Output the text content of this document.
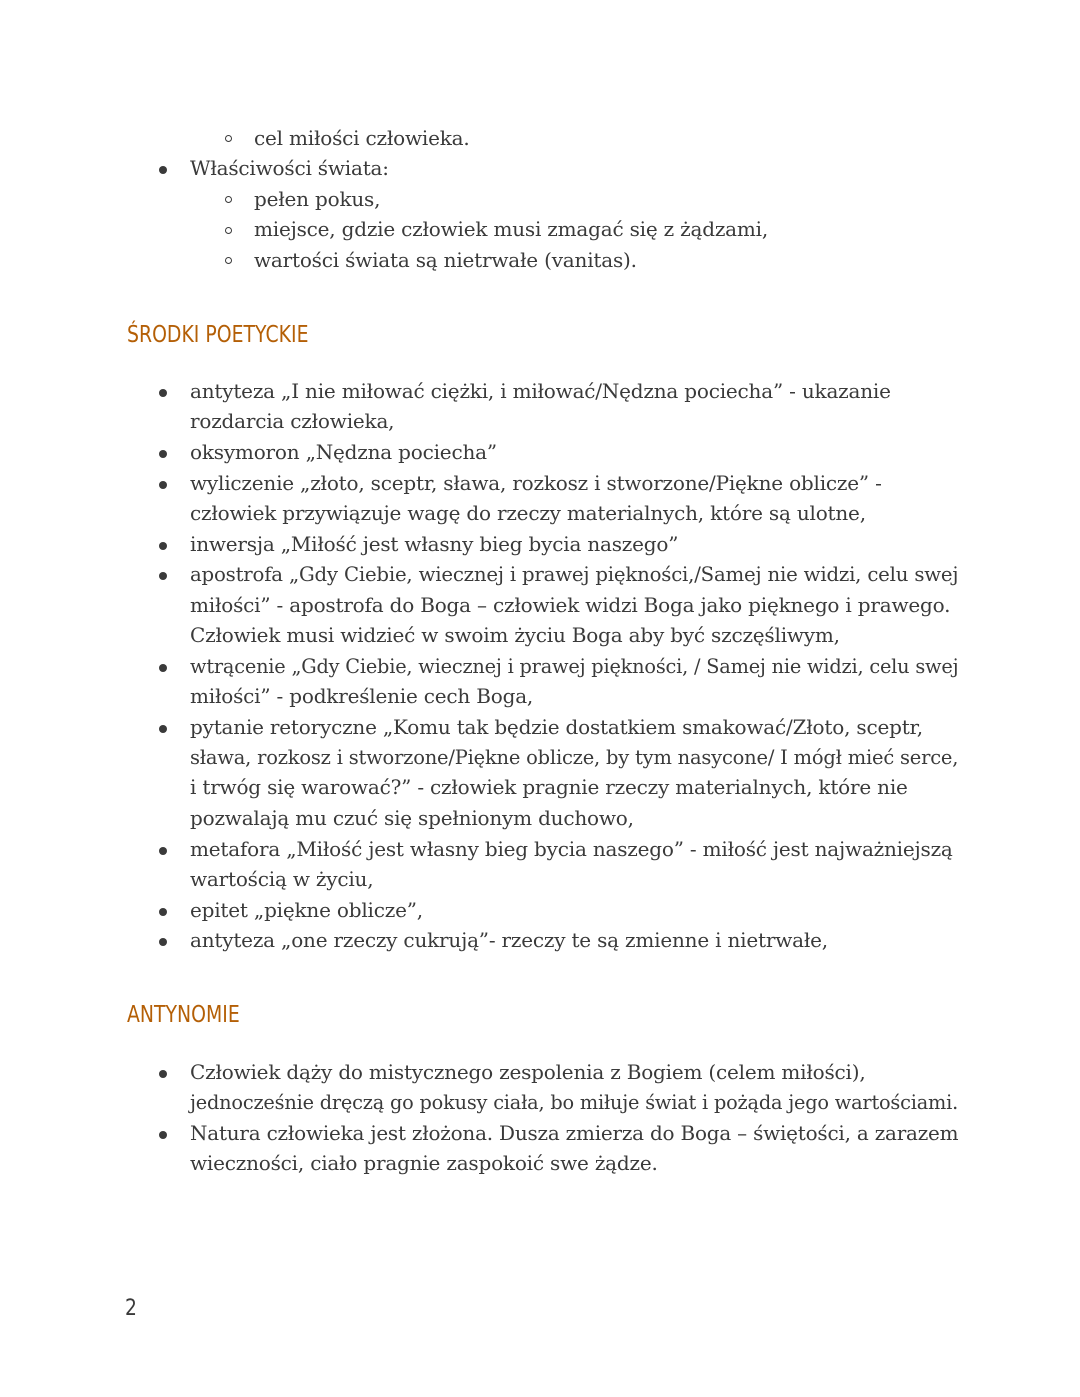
cel miłości człowieka.
Właściwości świata:
pełen pokus,
miejsce, gdzie człowiek musi zmagać się z żądzami,
wartości świata są nietrwałe (vanitas).
ŚRODKI POETYCKIE
antyteza „I nie miłować ciężki, i miłować/Nędzna pociecha” - ukazanie
rozdarcia człowieka,
oksymoron „Nędzna pociecha”
wyliczenie „złoto, sceptr, sława, rozkosz i stworzone/Piękne oblicze” -
człowiek przywiązuje wagę do rzeczy materialnych, które są ulotne,
inwersja „Miłość jest własny bieg bycia naszego”
apostrofa „Gdy Ciebie, wiecznej i prawej piękności,/Samej nie widzi, celu swej
miłości” - apostrofa do Boga – człowiek widzi Boga jako pięknego i prawego.
Człowiek musi widzieć w swoim życiu Boga aby być szczęśliwym,
wtrącenie „Gdy Ciebie, wiecznej i prawej piękności, / Samej nie widzi, celu swej
miłości” - podkreślenie cech Boga,
pytanie retoryczne „Komu tak będzie dostatkiem smakować/Złoto, sceptr,
sława, rozkosz i stworzone/Piękne oblicze, by tym nasycone/ I mógł mieć serce,
i trwóg się warować?” - człowiek pragnie rzeczy materialnych, które nie
pozwalają mu czuć się spełnionym duchowo,
metafora „Miłość jest własny bieg bycia naszego” - miłość jest najważniejszą
wartością w życiu,
epitet „piękne oblicze”,
antyteza „one rzeczy cukrują”- rzeczy te są zmienne i nietrwałe,
ANTYNOMIE
Człowiek dąży do mistycznego zespolenia z Bogiem (celem miłości),
jednocześnie dręczą go pokusy ciała, bo miłuje świat i pożąda jego wartościami.
Natura człowieka jest złożona. Dusza zmierza do Boga – świętości, a zarazem
wieczności, ciało pragnie zaspokoić swe żądze.
2
